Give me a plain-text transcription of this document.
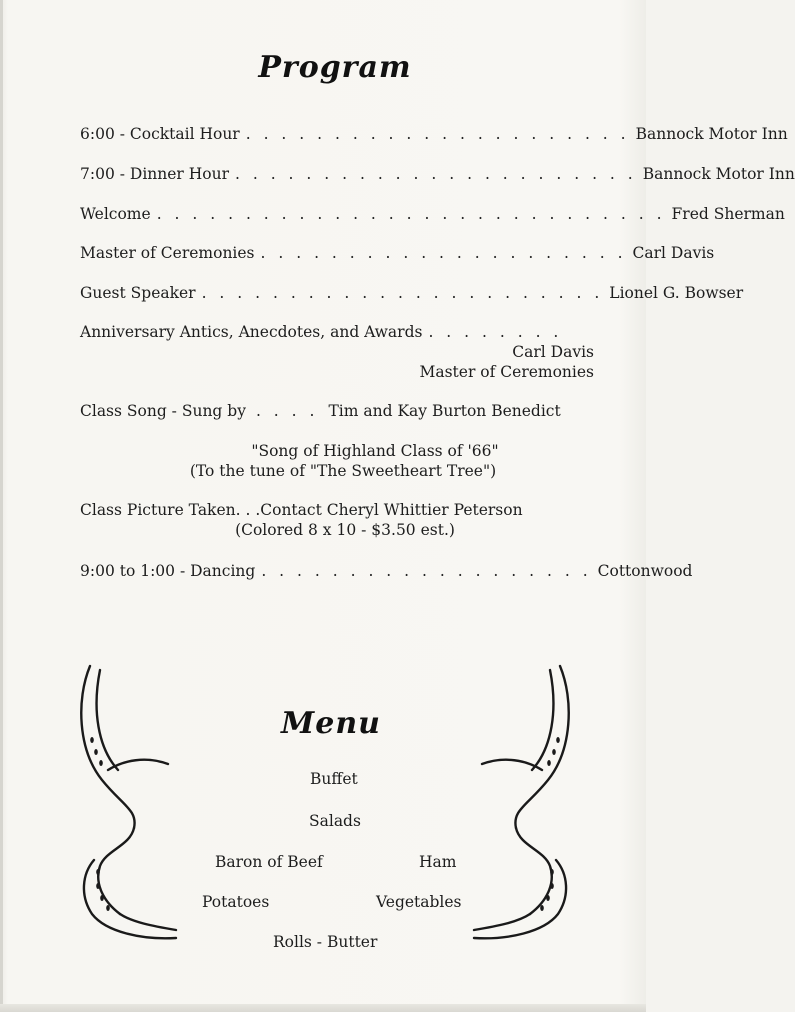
Program
6:00 - Cocktail Hour . . . . . . . . . . . . . . . . . . . . . . Bannock Motor Inn
7:00 - Dinner Hour . . . . . . . . . . . . . . . . . . . . . . . Bannock Motor Inn
Welcome . . . . . . . . . . . . . . . . . . . . . . . . . . . . . Fred Sherman
Master of Ceremonies . . . . . . . . . . . . . . . . . . . . . Carl Davis
Guest Speaker . . . . . . . . . . . . . . . . . . . . . . . Lionel G. Bowser
Anniversary Antics, Anecdotes, and Awards . . . . . . . .
Carl Davis
Master of Ceremonies
Class Song - Sung by . . . . Tim and Kay Burton Benedict
"Song of Highland Class of '66"
(To the tune of "The Sweetheart Tree")
Class Picture Taken. . . Contact Cheryl Whittier Peterson
(Colored 8 x 10 - $3.50 est.)
9:00 to 1:00 - Dancing . . . . . . . . . . . . . . . . . . . Cottonwood
Menu
Buffet
Salads
Baron of Beef	Ham
Potatoes	Vegetables
Rolls - Butter
